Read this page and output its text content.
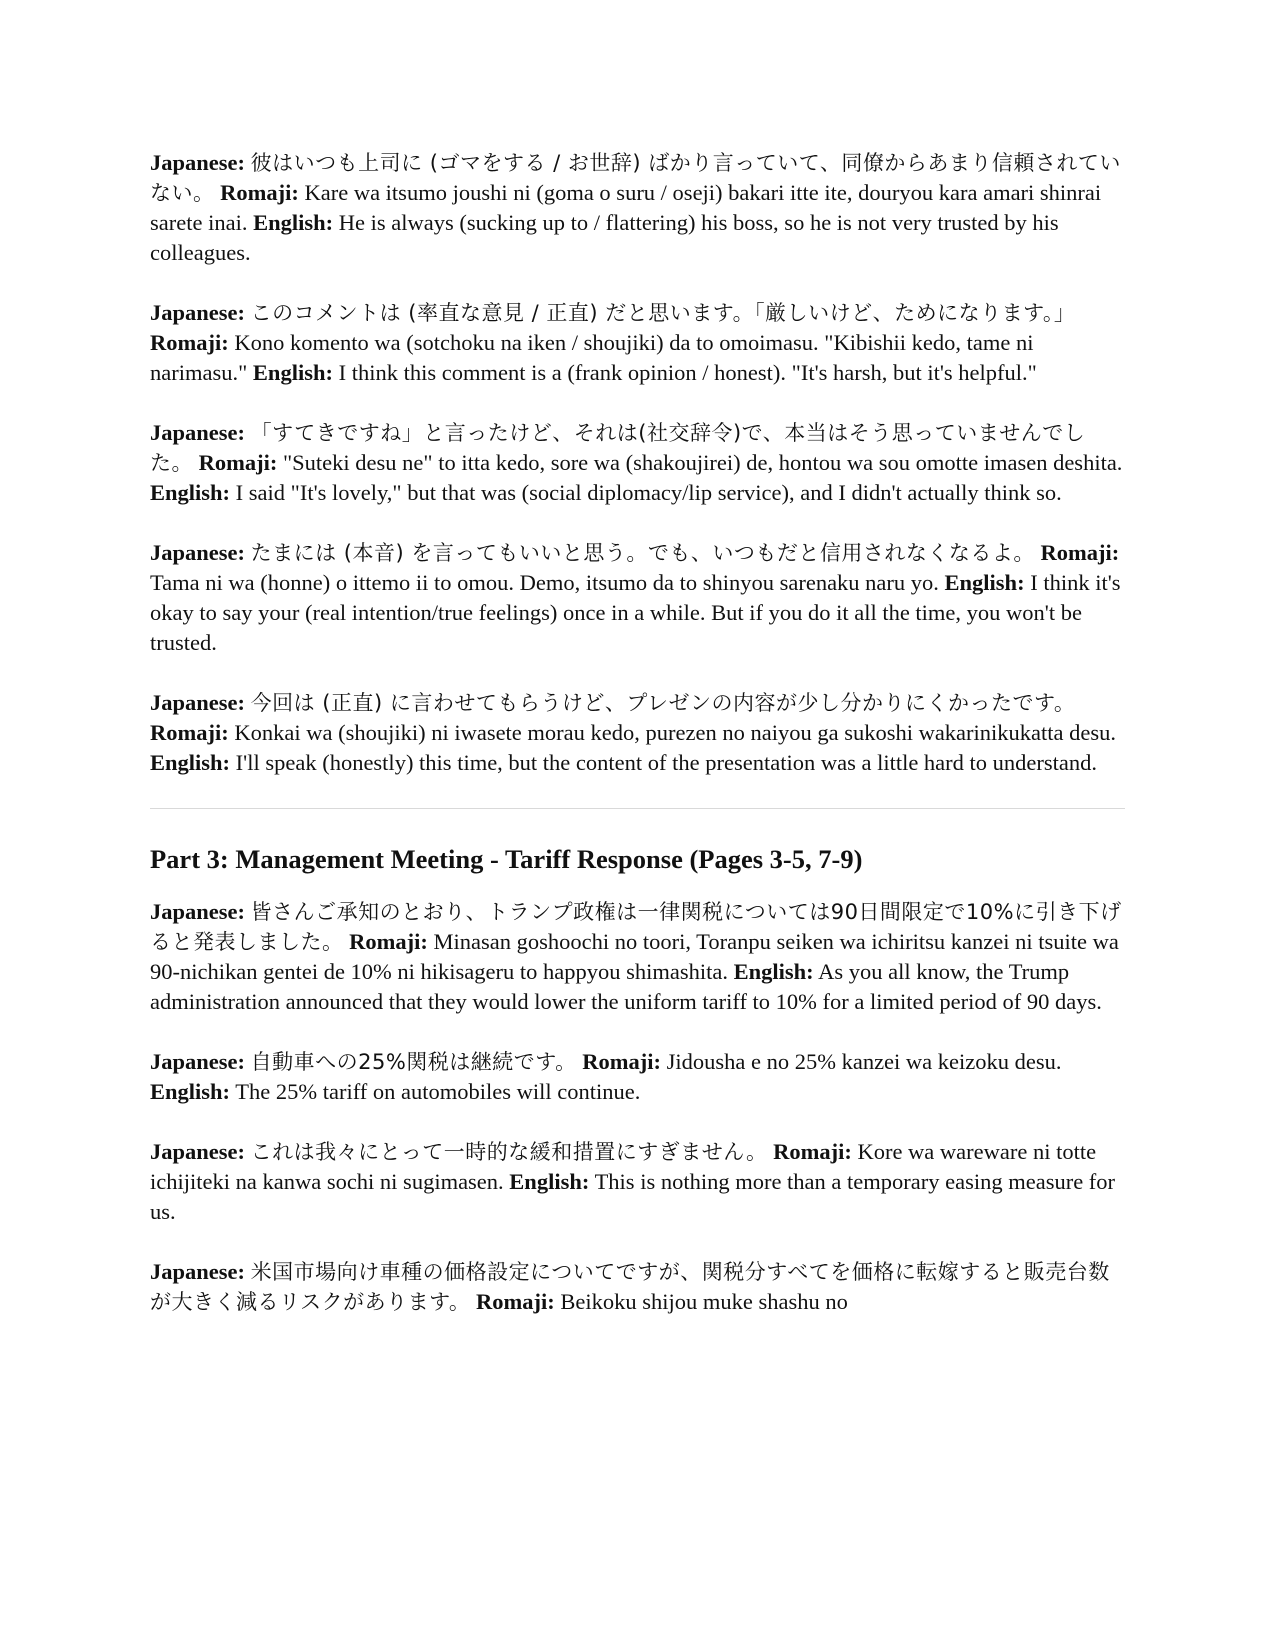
Japanese: 彼はいつも上司に (ゴマをする / お世辞) ばかり言っていて、同僚からあまり信頼されていない。 Romaji: Kare wa itsumo joushi ni (goma o suru / oseji) bakari itte ite, douryou kara amari shinrai sarete inai. English: He is always (sucking up to / flattering) his boss, so he is not very trusted by his colleagues.

Japanese: このコメントは (率直な意見 / 正直) だと思います。「厳しいけど、ためになります。」 Romaji: Kono komento wa (sotchoku na iken / shoujiki) da to omoimasu. "Kibishii kedo, tame ni narimasu." English: I think this comment is a (frank opinion / honest). "It's harsh, but it's helpful."

Japanese: 「すてきですね」と言ったけど、それは(社交辞令)で、本当はそう思っていませんでした。 Romaji: "Suteki desu ne" to itta kedo, sore wa (shakoujirei) de, hontou wa sou omotte imasen deshita. English: I said "It's lovely," but that was (social diplomacy/lip service), and I didn't actually think so.

Japanese: たまには (本音) を言ってもいいと思う。でも、いつもだと信用されなくなるよ。 Romaji: Tama ni wa (honne) o ittemo ii to omou. Demo, itsumo da to shinyou sarenaku naru yo. English: I think it's okay to say your (real intention/true feelings) once in a while. But if you do it all the time, you won't be trusted.

Japanese: 今回は (正直) に言わせてもらうけど、プレゼンの内容が少し分かりにくかったです。 Romaji: Konkai wa (shoujiki) ni iwasete morau kedo, purezen no naiyou ga sukoshi wakarinikukatta desu. English: I'll speak (honestly) this time, but the content of the presentation was a little hard to understand.

Part 3: Management Meeting - Tariff Response (Pages 3-5, 7-9)

Japanese: 皆さんご承知のとおり、トランプ政権は一律関税については90日間限定で10%に引き下げると発表しました。 Romaji: Minasan goshoochi no toori, Toranpu seiken wa ichiritsu kanzei ni tsuite wa 90-nichikan gentei de 10% ni hikisageru to happyou shimashita. English: As you all know, the Trump administration announced that they would lower the uniform tariff to 10% for a limited period of 90 days.

Japanese: 自動車への25%関税は継続です。 Romaji: Jidousha e no 25% kanzei wa keizoku desu. English: The 25% tariff on automobiles will continue.

Japanese: これは我々にとって一時的な緩和措置にすぎません。 Romaji: Kore wa wareware ni totte ichijiteki na kanwa sochi ni sugimasen. English: This is nothing more than a temporary easing measure for us.

Japanese: 米国市場向け車種の価格設定についてですが、関税分すべてを価格に転嫁すると販売台数が大きく減るリスクがあります。 Romaji: Beikoku shijou muke shashu no
